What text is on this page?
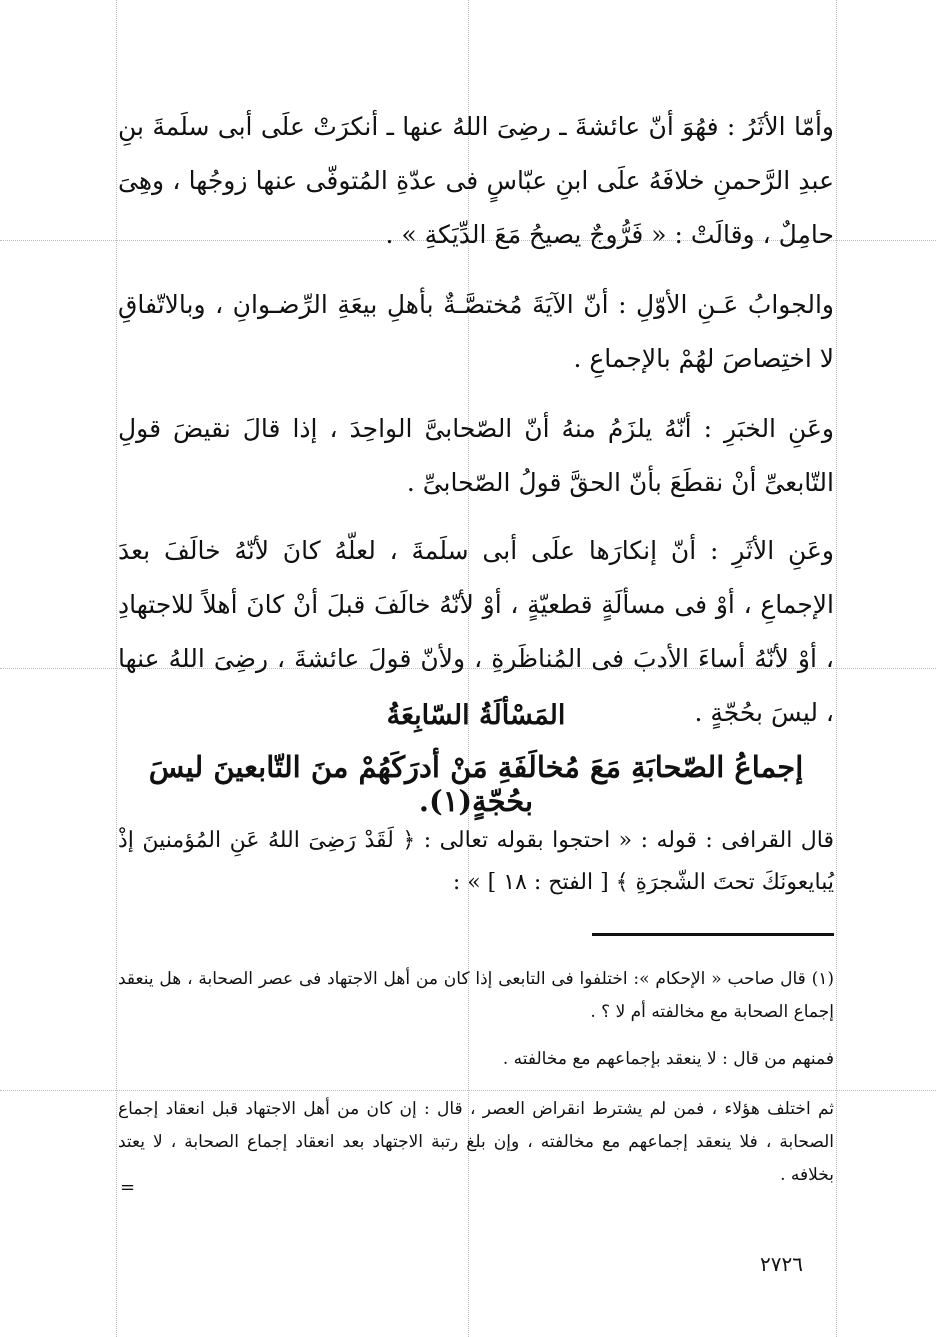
وأمّا الأثَرُ : فهُوَ أنّ عائشةَ ـ رضِىَ اللهُ عنها ـ أنكرَتْ علَى أبى سلَمةَ بنِ عبدِ الرَّحمنِ خلافَهُ علَى ابنِ عبّاسٍ فى عدّةِ المُتوفّى عنها زوجُها ، وهِىَ حامِلٌ ، وقالَتْ : « فَرُّوجٌ يصيحُ مَعَ الدِّيَكةِ » .

والجوابُ عَـنِ الأوّلِ : أنّ الآيَةَ مُختصَّـةٌ بأهلِ بيعَةِ الرِّضـوانِ ، وبالاتّفاقِ لا اختِصاصَ لهُمْ بالإجماعِ .

وعَنِ الخبَرِ : أنّهُ يلزَمُ منهُ أنّ الصّحابىَّ الواحِدَ ، إذا قالَ نقيضَ قولِ التّابعىِّ أنْ نقطَعَ بأنّ الحقَّ قولُ الصّحابىِّ .

وعَنِ الأثَرِ : أنّ إنكارَها علَى أبى سلَمةَ ، لعلّهُ كانَ لأنّهُ خالَفَ بعدَ الإجماعِ ، أوْ فى مسألَةٍ قطعيّةٍ ، أوْ لأنّهُ خالَفَ قبلَ أنْ كانَ أهلاً للاجتهادِ ، أوْ لأنّهُ أساءَ الأدبَ فى المُناظَرةِ ، ولأنّ قولَ عائشةَ ، رضِىَ اللهُ عنها ، ليسَ بحُجّةٍ .

المَسْألَةُ السّابِعَةُ
إجماعُ الصّحابَةِ مَعَ مُخالَفَةِ مَنْ أدرَكَهُمْ منَ التّابعينَ ليسَ بحُجّةٍ(١).

قال القرافى : قوله : « احتجوا بقوله تعالى : ﴿ لَقَدْ رَضِىَ اللهُ عَنِ المُؤمنينَ إذْ يُبايعونَكَ تحتَ الشّجرَةِ ﴾ [ الفتح : ١٨ ] » :

(١) قال صاحب « الإحكام »: اختلفوا فى التابعى إذا كان من أهل الاجتهاد فى عصر الصحابة ، هل ينعقد إجماع الصحابة مع مخالفته أم لا ؟ .

فمنهم من قال : لا ينعقد بإجماعهم مع مخالفته .

ثم اختلف هؤلاء ، فمن لم يشترط انقراض العصر ، قال : إن كان من أهل الاجتهاد قبل انعقاد إجماع الصحابة ، فلا ينعقد إجماعهم مع مخالفته ، وإن بلغ رتبة الاجتهاد بعد انعقاد إجماع الصحابة ، لا يعتد بخلافه .

=
٢٧٢٦
